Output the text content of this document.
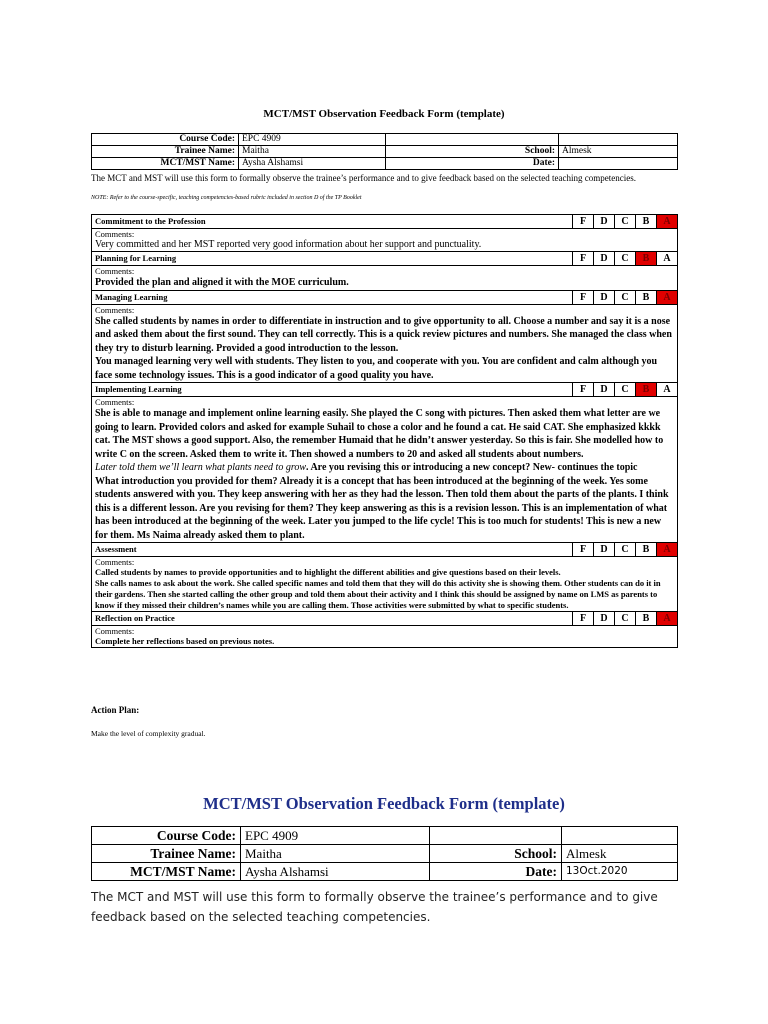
MCT/MST Observation Feedback Form (template)
Course Code:	EPC 4909			
Trainee Name:	Maitha	School:		Almesk
MCT/MST Name:	Aysha Alshamsi	Date:		
The MCT and MST will use this form to formally observe the trainee’s performance and to give feedback based on the selected teaching competencies.
NOTE: Refer to the course-specific, teaching competencies-based rubric included in section D of the TP Booklet
Commitment to the Profession	F	D	C	B	A

Comments:
Very committed and her MST reported very good information about her support and punctuality.					

Planning for Learning	F	D	C	B	A

Comments:
Provided the plan and aligned it with the MOE curriculum.					

Managing Learning	F	D	C	B	A

Comments:
She called students by names in order to differentiate in instruction and to give opportunity to all. Choose a number and say it is a nose and asked them about the first sound. They can tell correctly. This is a quick review pictures and numbers. She managed the class when they try to disturb learning. Provided a good introduction to the lesson.
You managed learning very well with students. They listen to you, and cooperate with you. You are confident and calm although you face some technology issues. This is a good indicator of a good quality you have.					

Implementing Learning	F	D	C	B	A

Comments:
She is able to manage and implement online learning easily. She played the C song with pictures. Then asked them what letter are we going to learn. Provided colors and asked for example Suhail to chose a color and he found a cat. He said CAT. She emphasized kkkk cat. The MST shows a good support. Also, the remember Humaid that he didn’t answer yesterday. So this is fair. She modelled how to write C on the screen. Asked them to write it. Then showed a numbers to 20 and asked all students about numbers.
Later told them we’ll learn what plants need to grow. Are you revising this or introducing a new concept? New- continues the topic
What introduction you provided for them? Already it is a concept that has been introduced at the beginning of the week. Yes some students answered with you. They keep answering with her as they had the lesson. Then told them about the parts of the plants. I think this is a different lesson. Are you revising for them? They keep answering as this is a revision lesson. This is an implementation of what has been introduced at the beginning of the week. Later you jumped to the life cycle! This is too much for students! This is new a new for them. Ms Naima already asked them to plant.					

Assessment	F	D	C	B	A

Comments:
Called students by names to provide opportunities and to highlight the different abilities and give questions based on their levels.
She calls names to ask about the work. She called specific names and told them that they will do this activity she is showing them. Other students can do it in their gardens. Then she started calling the other group and told them about their activity and I think this should be assigned by name on LMS as parents to know if they missed their children’s names while you are calling them. Those activities were submitted by what to specific students.					

Reflection on Practice	F	D	C	B	A

Comments:
Complete her reflections based on previous notes.					
Action Plan:
Make the level of complexity gradual.
MCT/MST Observation Feedback Form (template)
Course Code:	EPC 4909			
Trainee Name:	Maitha	School:		Almesk
MCT/MST Name:	Aysha Alshamsi	Date:		13Oct.2020
The MCT and MST will use this form to formally observe the trainee’s performance and to give feedback based on the selected teaching competencies.
